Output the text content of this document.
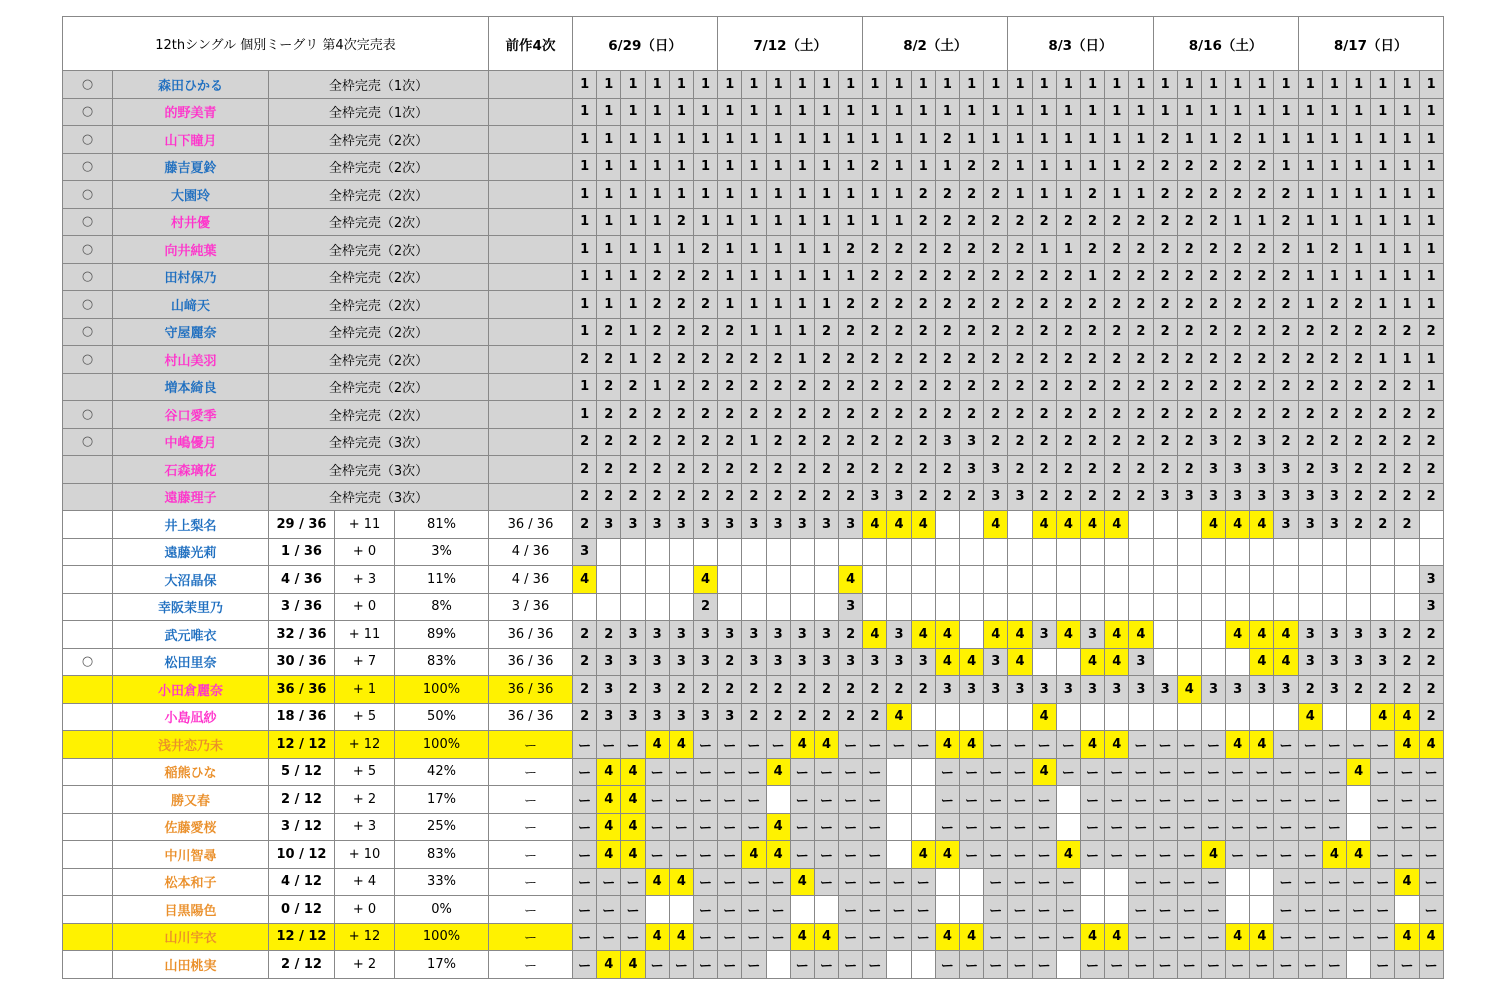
12thシングル 個別ミーグリ 第4次完売表					前作4次	6/29（日）						7/12（土）						8/2（土）						8/3（日）						8/16（土）						8/17（日）					
○	森田ひかる	全枠完売（1次）				1	1	1	1	1	1	1	1	1	1	1	1	1	1	1	1	1	1	1	1	1	1	1	1	1	1	1	1	1	1	1	1	1	1	1	1
○	的野美青	全枠完売（1次）				1	1	1	1	1	1	1	1	1	1	1	1	1	1	1	1	1	1	1	1	1	1	1	1	1	1	1	1	1	1	1	1	1	1	1	1
○	山下瞳月	全枠完売（2次）				1	1	1	1	1	1	1	1	1	1	1	1	1	1	1	2	1	1	1	1	1	1	1	1	2	1	1	2	1	1	1	1	1	1	1	1
○	藤吉夏鈴	全枠完売（2次）				1	1	1	1	1	1	1	1	1	1	1	1	2	1	1	1	2	2	1	1	1	1	1	2	2	2	2	2	2	1	1	1	1	1	1	1
○	大園玲	全枠完売（2次）				1	1	1	1	1	1	1	1	1	1	1	1	1	1	2	2	2	2	1	1	1	2	1	1	2	2	2	2	2	2	1	1	1	1	1	1
○	村井優	全枠完売（2次）				1	1	1	1	2	1	1	1	1	1	1	1	1	1	2	2	2	2	2	2	2	2	2	2	2	2	2	1	1	2	1	1	1	1	1	1
○	向井純葉	全枠完売（2次）				1	1	1	1	1	2	1	1	1	1	1	2	2	2	2	2	2	2	2	1	1	2	2	2	2	2	2	2	2	2	1	2	1	1	1	1
○	田村保乃	全枠完売（2次）				1	1	1	2	2	2	1	1	1	1	1	1	2	2	2	2	2	2	2	2	2	1	2	2	2	2	2	2	2	2	1	1	1	1	1	1
○	山﨑天	全枠完売（2次）				1	1	1	2	2	2	1	1	1	1	1	2	2	2	2	2	2	2	2	2	2	2	2	2	2	2	2	2	2	2	1	2	2	1	1	1
○	守屋麗奈	全枠完売（2次）				1	2	1	2	2	2	2	1	1	1	2	2	2	2	2	2	2	2	2	2	2	2	2	2	2	2	2	2	2	2	2	2	2	2	2	2
○	村山美羽	全枠完売（2次）				2	2	1	2	2	2	2	2	2	1	2	2	2	2	2	2	2	2	2	2	2	2	2	2	2	2	2	2	2	2	2	2	2	1	1	1
	増本綺良	全枠完売（2次）				1	2	2	1	2	2	2	2	2	2	2	2	2	2	2	2	2	2	2	2	2	2	2	2	2	2	2	2	2	2	2	2	2	2	2	1
○	谷口愛季	全枠完売（2次）				1	2	2	2	2	2	2	2	2	2	2	2	2	2	2	2	2	2	2	2	2	2	2	2	2	2	2	2	2	2	2	2	2	2	2	2
○	中嶋優月	全枠完売（3次）				2	2	2	2	2	2	2	1	2	2	2	2	2	2	2	3	3	2	2	2	2	2	2	2	2	2	3	2	3	2	2	2	2	2	2	2
	石森璃花	全枠完売（3次）				2	2	2	2	2	2	2	2	2	2	2	2	2	2	2	2	3	3	2	2	2	2	2	2	2	2	3	3	3	3	2	3	2	2	2	2
	遠藤理子	全枠完売（3次）				2	2	2	2	2	2	2	2	2	2	2	2	3	3	2	2	2	3	3	2	2	2	2	2	3	3	3	3	3	3	3	3	2	2	2	2
	井上梨名	29 / 36	+ 11	81%	36 / 36	2	3	3	3	3	3	3	3	3	3	3	3	4	4	4			4		4	4	4	4				4	4	4	3	3	3	2	2	2	
	遠藤光莉	1 / 36	+ 0	3%	4 / 36	3																																			
	大沼晶保	4 / 36	+ 3	11%	4 / 36	4					4						4																								3
	幸阪茉里乃	3 / 36	+ 0	8%	3 / 36						2						3																								3
	武元唯衣	32 / 36	+ 11	89%	36 / 36	2	2	3	3	3	3	3	3	3	3	3	2	4	3	4	4		4	4	3	4	3	4	4				4	4	4	3	3	3	3	2	2
○	松田里奈	30 / 36	+ 7	83%	36 / 36	2	3	3	3	3	3	2	3	3	3	3	3	3	3	3	4	4	3	4			4	4	3					4	4	3	3	3	3	2	2
	小田倉麗奈	36 / 36	+ 1	100%	36 / 36	2	3	2	3	2	2	2	2	2	2	2	2	2	2	2	3	3	3	3	3	3	3	3	3	3	4	3	3	3	3	2	3	2	2	2	2
	小島凪紗	18 / 36	+ 5	50%	36 / 36	2	3	3	3	3	3	3	2	2	2	2	2	2	4						4											4			4	4	2
	浅井恋乃未	12 / 12	+ 12	100%	ー	ー	ー	ー	4	4	ー	ー	ー	ー	4	4	ー	ー	ー	ー	4	4	ー	ー	ー	ー	4	4	ー	ー	ー	ー	4	4	ー	ー	ー	ー	ー	4	4
	稲熊ひな	5 / 12	+ 5	42%	ー	ー	4	4	ー	ー	ー	ー	ー	4	ー	ー	ー	ー			ー	ー	ー	ー	4	ー	ー	ー	ー	ー	ー	ー	ー	ー	ー	ー	ー	4	ー	ー	ー
	勝又春	2 / 12	+ 2	17%	ー	ー	4	4	ー	ー	ー	ー	ー		ー	ー	ー	ー			ー	ー	ー	ー	ー		ー	ー	ー	ー	ー	ー	ー	ー	ー	ー	ー		ー	ー	ー
	佐藤愛桜	3 / 12	+ 3	25%	ー	ー	4	4	ー	ー	ー	ー	ー	4	ー	ー	ー	ー			ー	ー	ー	ー	ー		ー	ー	ー	ー	ー	ー	ー	ー	ー	ー	ー		ー	ー	ー
	中川智尋	10 / 12	+ 10	83%	ー	ー	4	4	ー	ー	ー	ー	4	4	ー	ー	ー	ー		4	4	ー	ー	ー	ー	4	ー	ー	ー	ー	ー	4	ー	ー	ー	ー	4	4	ー	ー	ー
	松本和子	4 / 12	+ 4	33%	ー	ー	ー	ー	4	4	ー	ー	ー	ー	4	ー	ー	ー	ー	ー			ー	ー	ー	ー			ー	ー	ー	ー			ー	ー	ー	ー	ー	4	ー
	目黒陽色	0 / 12	+ 0	0%	ー	ー	ー	ー			ー	ー	ー	ー			ー	ー	ー	ー			ー	ー	ー	ー			ー	ー	ー	ー			ー	ー	ー	ー	ー		ー
	山川宇衣	12 / 12	+ 12	100%	ー	ー	ー	ー	4	4	ー	ー	ー	ー	4	4	ー	ー	ー	ー	4	4	ー	ー	ー	ー	4	4	ー	ー	ー	ー	4	4	ー	ー	ー	ー	ー	4	4
	山田桃実	2 / 12	+ 2	17%	ー	ー	4	4	ー	ー	ー	ー	ー		ー	ー	ー	ー			ー	ー	ー	ー	ー		ー	ー	ー	ー	ー	ー	ー	ー	ー	ー	ー		ー	ー	ー
